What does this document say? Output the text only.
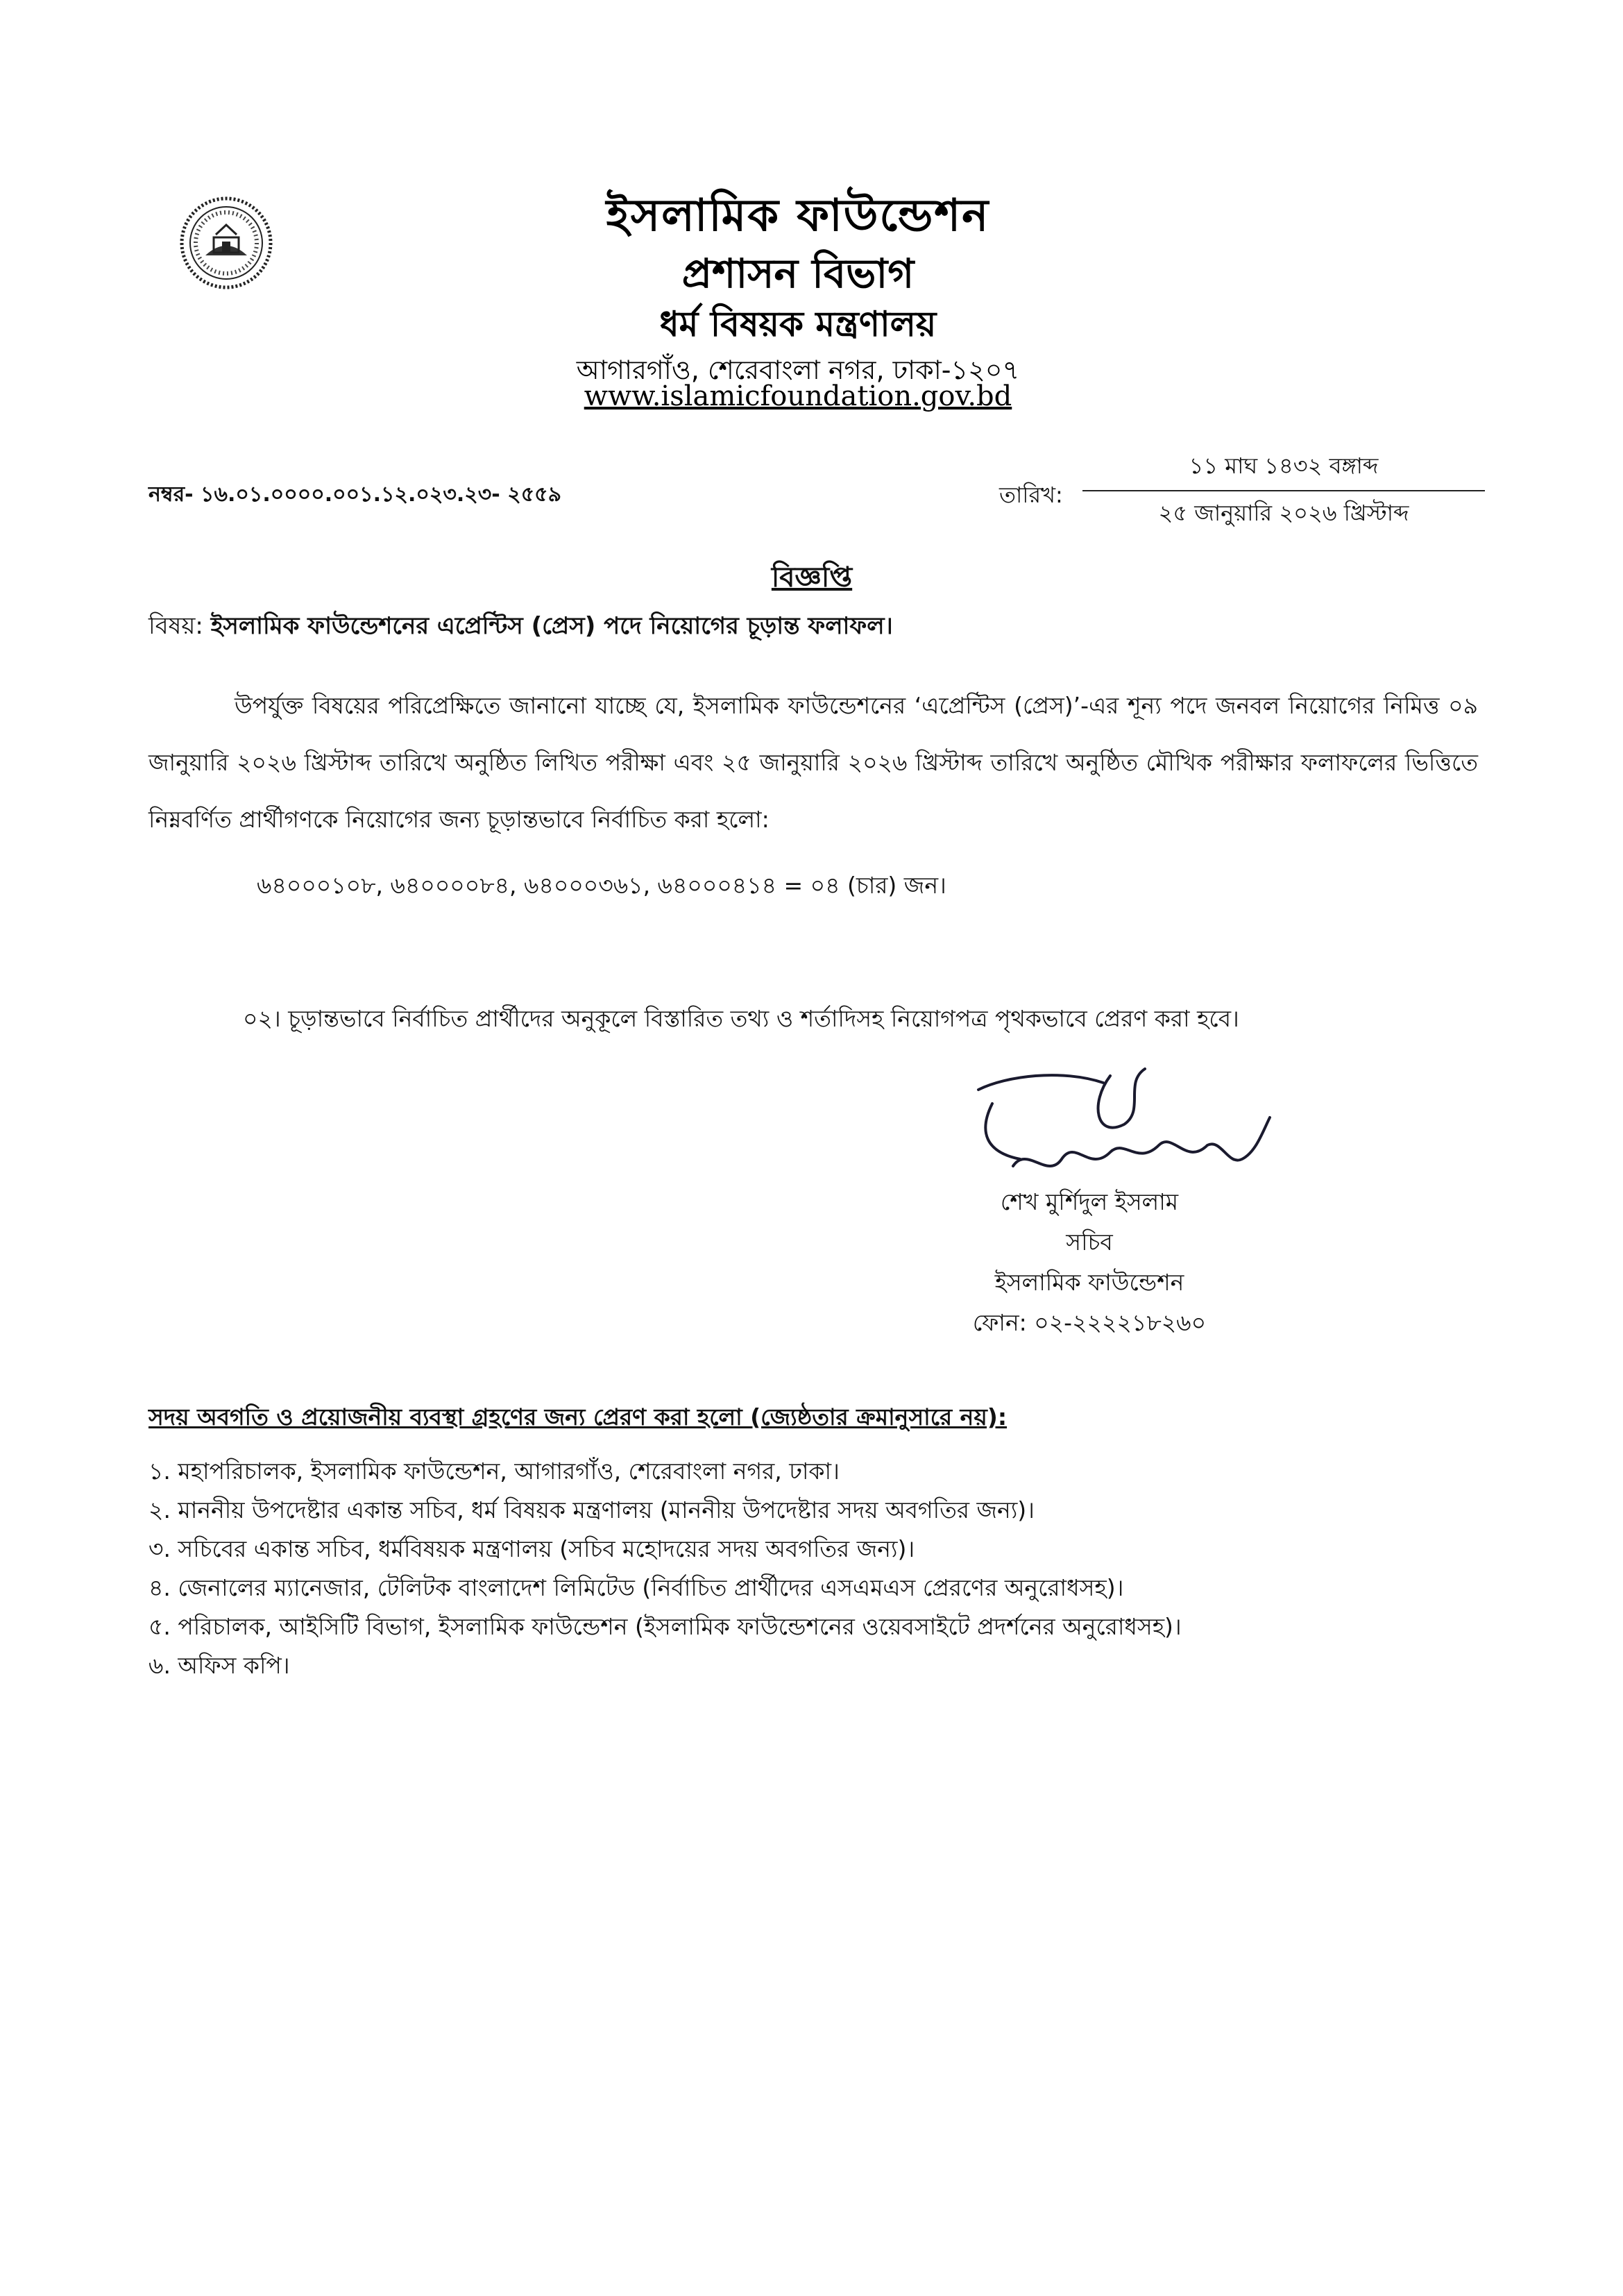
ইসলামিক ফাউন্ডেশন
প্রশাসন বিভাগ
ধর্ম বিষয়ক মন্ত্রণালয়
আগারগাঁও, শেরেবাংলা নগর, ঢাকা-১২০৭
www.islamicfoundation.gov.bd
নম্বর- ১৬.০১.০০০০.০০১.১২.০২৩.২৩- ২৫৫৯	তারিখ:
১১ মাঘ ১৪৩২ বঙ্গাব্দ
২৫ জানুয়ারি ২০২৬ খ্রিস্টাব্দ
বিজ্ঞপ্তি
বিষয়: ইসলামিক ফাউন্ডেশনের এপ্রেন্টিস (প্রেস) পদে নিয়োগের চূড়ান্ত ফলাফল।
উপর্যুক্ত বিষয়ের পরিপ্রেক্ষিতে জানানো যাচ্ছে যে, ইসলামিক ফাউন্ডেশনের ‘এপ্রেন্টিস (প্রেস)’-এর শূন্য পদে জনবল নিয়োগের নিমিত্ত ০৯ জানুয়ারি ২০২৬ খ্রিস্টাব্দ তারিখে অনুষ্ঠিত লিখিত পরীক্ষা এবং ২৫ জানুয়ারি ২০২৬ খ্রিস্টাব্দ তারিখে অনুষ্ঠিত মৌখিক পরীক্ষার ফলাফলের ভিত্তিতে নিম্নবর্ণিত প্রার্থীগণকে নিয়োগের জন্য চূড়ান্তভাবে নির্বাচিত করা হলো:
৬৪০০০১০৮, ৬৪০০০০৮৪, ৬৪০০০৩৬১, ৬৪০০০৪১৪ = ০৪ (চার) জন।
০২। চূড়ান্তভাবে নির্বাচিত প্রার্থীদের অনুকূলে বিস্তারিত তথ্য ও শর্তাদিসহ নিয়োগপত্র পৃথকভাবে প্রেরণ করা হবে।
শেখ মুর্শিদুল ইসলাম
সচিব
ইসলামিক ফাউন্ডেশন
ফোন: ০২-২২২২১৮২৬০
সদয় অবগতি ও প্রয়োজনীয় ব্যবস্থা গ্রহণের জন্য প্রেরণ করা হলো (জ্যেষ্ঠতার ক্রমানুসারে নয়):
১. মহাপরিচালক, ইসলামিক ফাউন্ডেশন, আগারগাঁও, শেরেবাংলা নগর, ঢাকা।
২. মাননীয় উপদেষ্টার একান্ত সচিব, ধর্ম বিষয়ক মন্ত্রণালয় (মাননীয় উপদেষ্টার সদয় অবগতির জন্য)।
৩. সচিবের একান্ত সচিব, ধর্মবিষয়ক মন্ত্রণালয় (সচিব মহোদয়ের সদয় অবগতির জন্য)।
৪. জেনালের ম্যানেজার, টেলিটক বাংলাদেশ লিমিটেড (নির্বাচিত প্রার্থীদের এসএমএস প্রেরণের অনুরোধসহ)।
৫. পরিচালক, আইসিটি বিভাগ, ইসলামিক ফাউন্ডেশন (ইসলামিক ফাউন্ডেশনের ওয়েবসাইটে প্রদর্শনের অনুরোধসহ)।
৬. অফিস কপি।
